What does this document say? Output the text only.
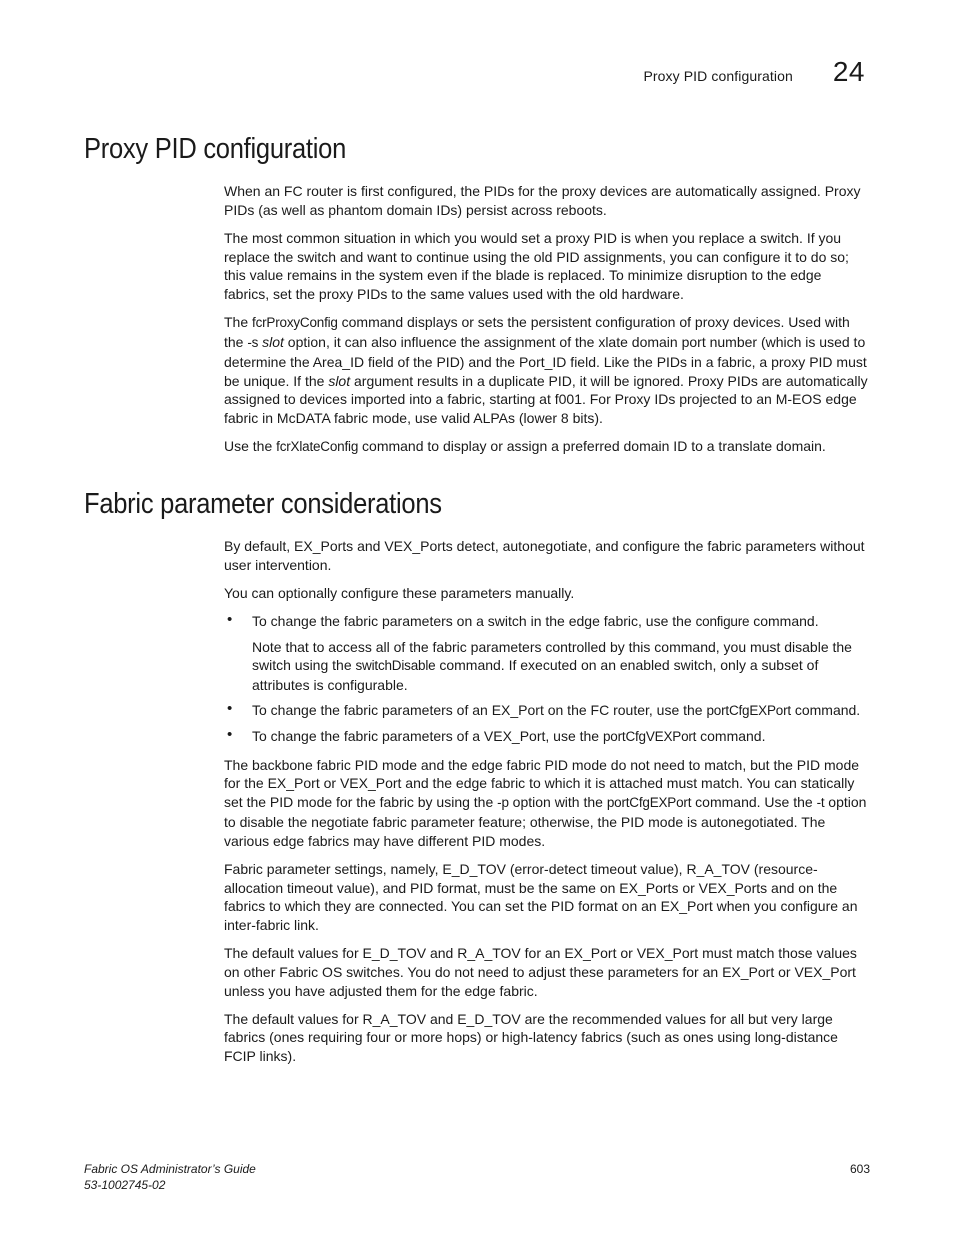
Proxy PID configuration 24
Proxy PID configuration

When an FC router is first configured, the PIDs for the proxy devices are automatically assigned. Proxy PIDs (as well as phantom domain IDs) persist across reboots.

The most common situation in which you would set a proxy PID is when you replace a switch. If you replace the switch and want to continue using the old PID assignments, you can configure it to do so; this value remains in the system even if the blade is replaced. To minimize disruption to the edge fabrics, set the proxy PIDs to the same values used with the old hardware.

The fcrProxyConfig command displays or sets the persistent configuration of proxy devices. Used with the -s slot option, it can also influence the assignment of the xlate domain port number (which is used to determine the Area_ID field of the PID) and the Port_ID field. Like the PIDs in a fabric, a proxy PID must be unique. If the slot argument results in a duplicate PID, it will be ignored. Proxy PIDs are automatically assigned to devices imported into a fabric, starting at f001. For Proxy IDs projected to an M-EOS edge fabric in McDATA fabric mode, use valid ALPAs (lower 8 bits).

Use the fcrXlateConfig command to display or assign a preferred domain ID to a translate domain.

Fabric parameter considerations

By default, EX_Ports and VEX_Ports detect, autonegotiate, and configure the fabric parameters without user intervention.

You can optionally configure these parameters manually.

• To change the fabric parameters on a switch in the edge fabric, use the configure command.

Note that to access all of the fabric parameters controlled by this command, you must disable the switch using the switchDisable command. If executed on an enabled switch, only a subset of attributes is configurable.

• To change the fabric parameters of an EX_Port on the FC router, use the portCfgEXPort command.

• To change the fabric parameters of a VEX_Port, use the portCfgVEXPort command.

The backbone fabric PID mode and the edge fabric PID mode do not need to match, but the PID mode for the EX_Port or VEX_Port and the edge fabric to which it is attached must match. You can statically set the PID mode for the fabric by using the -p option with the portCfgEXPort command. Use the -t option to disable the negotiate fabric parameter feature; otherwise, the PID mode is autonegotiated. The various edge fabrics may have different PID modes.

Fabric parameter settings, namely, E_D_TOV (error-detect timeout value), R_A_TOV (resource-allocation timeout value), and PID format, must be the same on EX_Ports or VEX_Ports and on the fabrics to which they are connected. You can set the PID format on an EX_Port when you configure an inter-fabric link.

The default values for E_D_TOV and R_A_TOV for an EX_Port or VEX_Port must match those values on other Fabric OS switches. You do not need to adjust these parameters for an EX_Port or VEX_Port unless you have adjusted them for the edge fabric.

The default values for R_A_TOV and E_D_TOV are the recommended values for all but very large fabrics (ones requiring four or more hops) or high-latency fabrics (such as ones using long-distance FCIP links).

Fabric OS Administrator’s Guide
53-1002745-02
603
